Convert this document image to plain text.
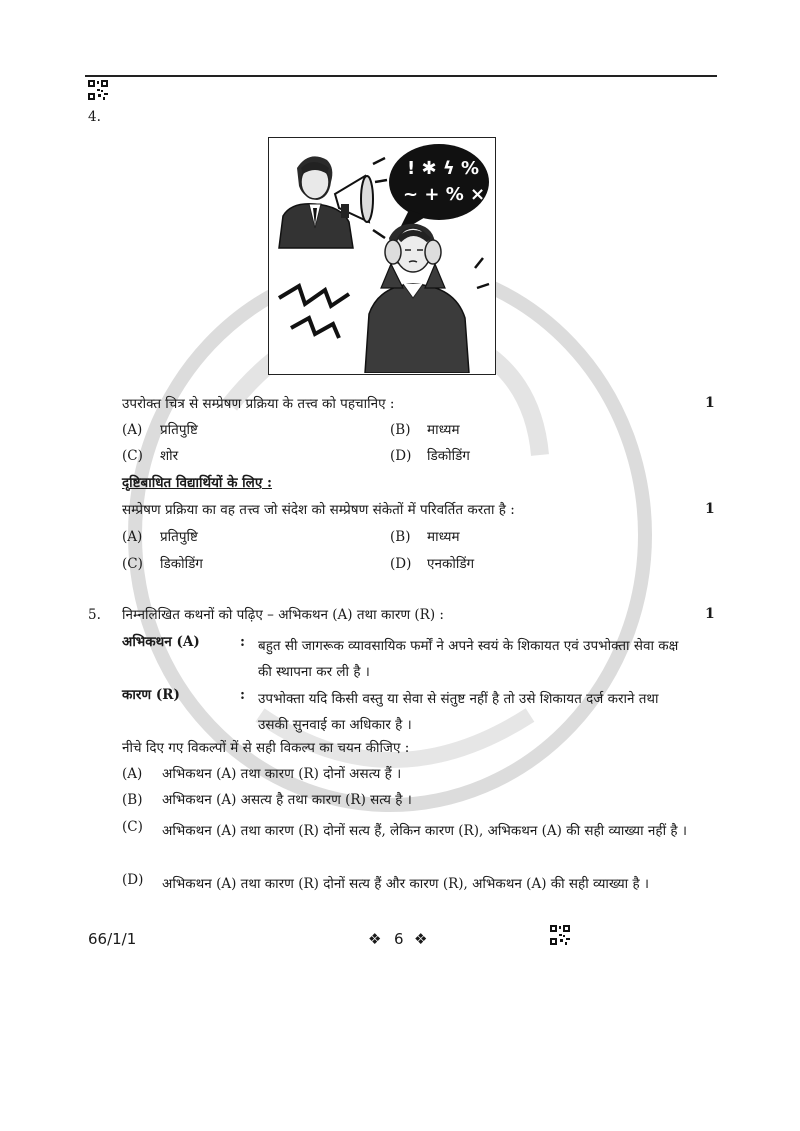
4.
! ✱ ϟ %
~ + % ×
उपरोक्त चित्र से सम्प्रेषण प्रक्रिया के तत्त्व को पहचानिए :	1
(A) प्रतिपुष्टि	(B) माध्यम
(C) शोर	(D) डिकोडिंग
दृष्टिबाधित विद्यार्थियों के लिए :
सम्प्रेषण प्रक्रिया का वह तत्त्व जो संदेश को सम्प्रेषण संकेतों में परिवर्तित करता है :	1
(A) प्रतिपुष्टि	(B) माध्यम
(C) डिकोडिंग	(D) एनकोडिंग
5. निम्नलिखित कथनों को पढ़िए – अभिकथन (A) तथा कारण (R) :	1
अभिकथन (A)	: बहुत सी जागरूक व्यावसायिक फर्मों ने अपने स्वयं के शिकायत एवं उपभोक्ता सेवा कक्ष की स्थापना कर ली है ।
कारण (R)	: उपभोक्ता यदि किसी वस्तु या सेवा से संतुष्ट नहीं है तो उसे शिकायत दर्ज कराने तथा उसकी सुनवाई का अधिकार है ।
नीचे दिए गए विकल्पों में से सही विकल्प का चयन कीजिए :
(A) अभिकथन (A) तथा कारण (R) दोनों असत्य हैं ।
(B) अभिकथन (A) असत्य है तथा कारण (R) सत्य है ।
(C) अभिकथन (A) तथा कारण (R) दोनों सत्य हैं, लेकिन कारण (R), अभिकथन (A) की सही व्याख्या नहीं है ।
(D) अभिकथन (A) तथा कारण (R) दोनों सत्य हैं और कारण (R), अभिकथन (A) की सही व्याख्या है ।
66/1/1	❖ 6 ❖
